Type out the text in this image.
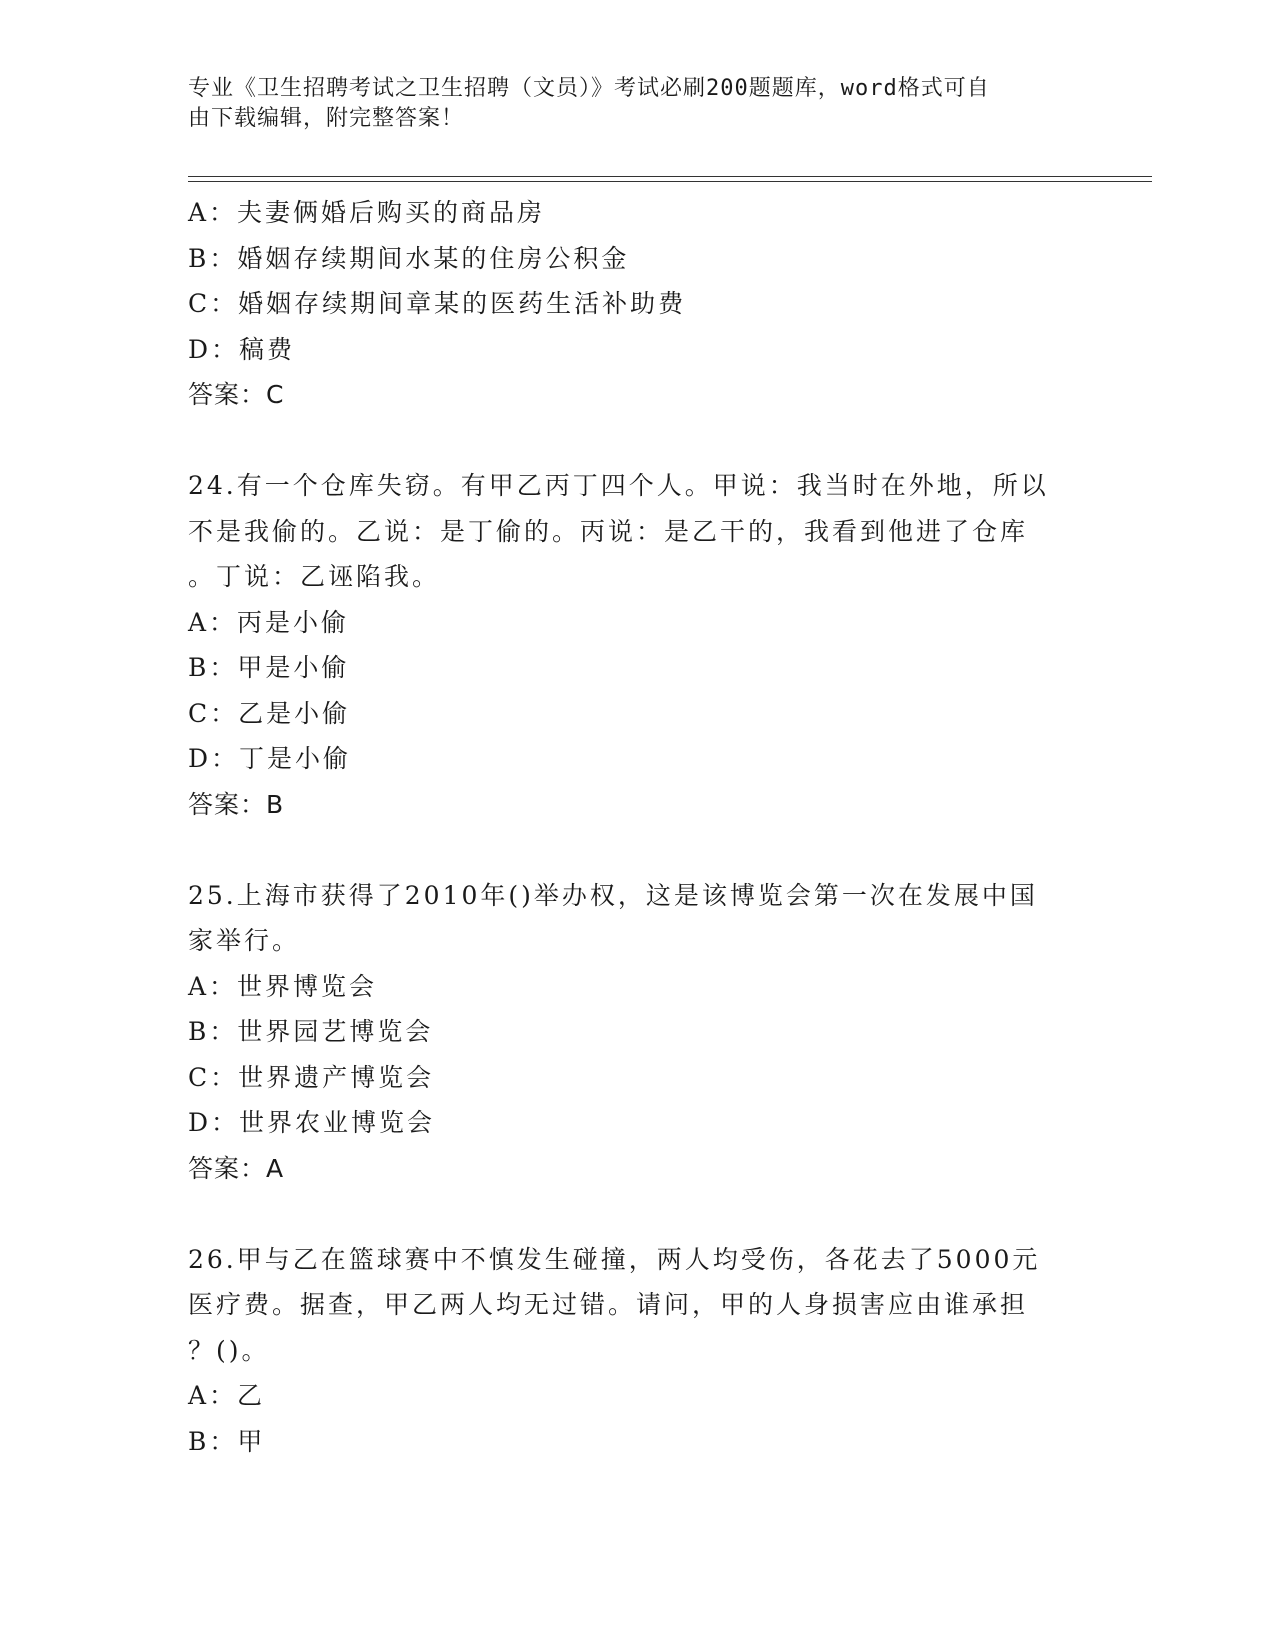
专业《卫生招聘考试之卫生招聘（文员）》考试必刷200题题库，word格式可自
由下载编辑，附完整答案！
A：夫妻俩婚后购买的商品房
B：婚姻存续期间水某的住房公积金
C：婚姻存续期间章某的医药生活补助费
D：稿费
答案：C
24.有一个仓库失窃。有甲乙丙丁四个人。甲说：我当时在外地，所以
不是我偷的。乙说：是丁偷的。丙说：是乙干的，我看到他进了仓库
。丁说：乙诬陷我。
A：丙是小偷
B：甲是小偷
C：乙是小偷
D：丁是小偷
答案：B
25.上海市获得了2010年()举办权，这是该博览会第一次在发展中国
家举行。
A：世界博览会
B：世界园艺博览会
C：世界遗产博览会
D：世界农业博览会
答案：A
26.甲与乙在篮球赛中不慎发生碰撞，两人均受伤，各花去了5000元
医疗费。据查，甲乙两人均无过错。请问，甲的人身损害应由谁承担
？()。
A：乙
B：甲
